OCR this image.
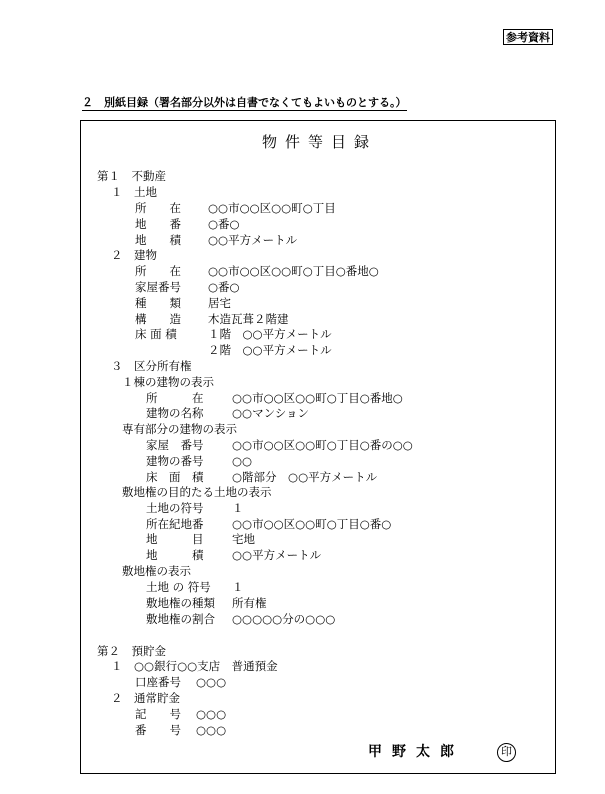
参考資料
２　別紙目録（署名部分以外は自書でなくてもよいものとする。）
物件等目録
第１　不動産
１　土地
所　　在 ○○市○○区○○町○丁目
地　　番 ○番○
地　　積 ○○平方メートル
２　建物
所　　在 ○○市○○区○○町○丁目○番地○
家屋番号 ○番○
種　　類 居宅
構　　造 木造瓦葺２階建
床 面 積	１階　○○平方メートル
２階　○○平方メートル
３　区分所有権
１棟の建物の表示
所　　　在 ○○市○○区○○町○丁目○番地○
建物の名称 ○○マンション
専有部分の建物の表示
家屋　番号 ○○市○○区○○町○丁目○番の○○
建物の番号 ○○
床　面　積 ○階部分　○○平方メートル
敷地権の目的たる土地の表示
土地の符号 １
所在紀地番 ○○市○○区○○町○丁目○番○
地　　　目 宅地
地　　　積 ○○平方メートル
敷地権の表示
土地 の 符号 １
敷地権の種類 所有権
敷地権の割合 ○○○○○分の○○○
第２　預貯金
１　○○銀行○○支店　普通預金
口座番号 ○○○
２　通常貯金
記　　号 ○○○
番　　号 ○○○
甲野太郎	印
